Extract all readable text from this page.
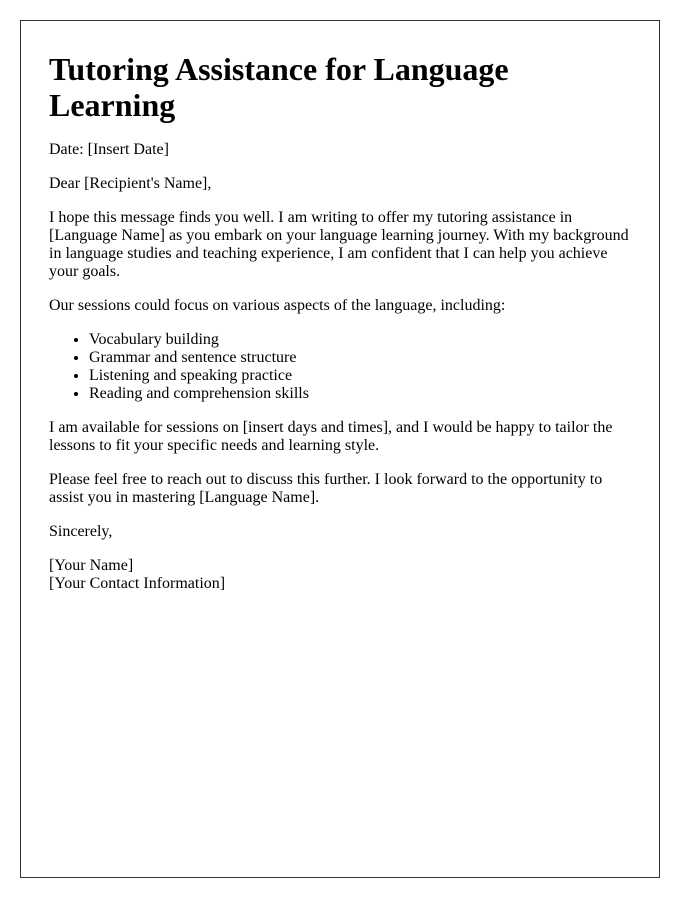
Tutoring Assistance for Language Learning

Date: [Insert Date]

Dear [Recipient's Name],

I hope this message finds you well. I am writing to offer my tutoring assistance in [Language Name] as you embark on your language learning journey. With my background in language studies and teaching experience, I am confident that I can help you achieve your goals.

Our sessions could focus on various aspects of the language, including:

• Vocabulary building
• Grammar and sentence structure
• Listening and speaking practice
• Reading and comprehension skills

I am available for sessions on [insert days and times], and I would be happy to tailor the lessons to fit your specific needs and learning style.

Please feel free to reach out to discuss this further. I look forward to the opportunity to assist you in mastering [Language Name].

Sincerely,

[Your Name]
[Your Contact Information]
